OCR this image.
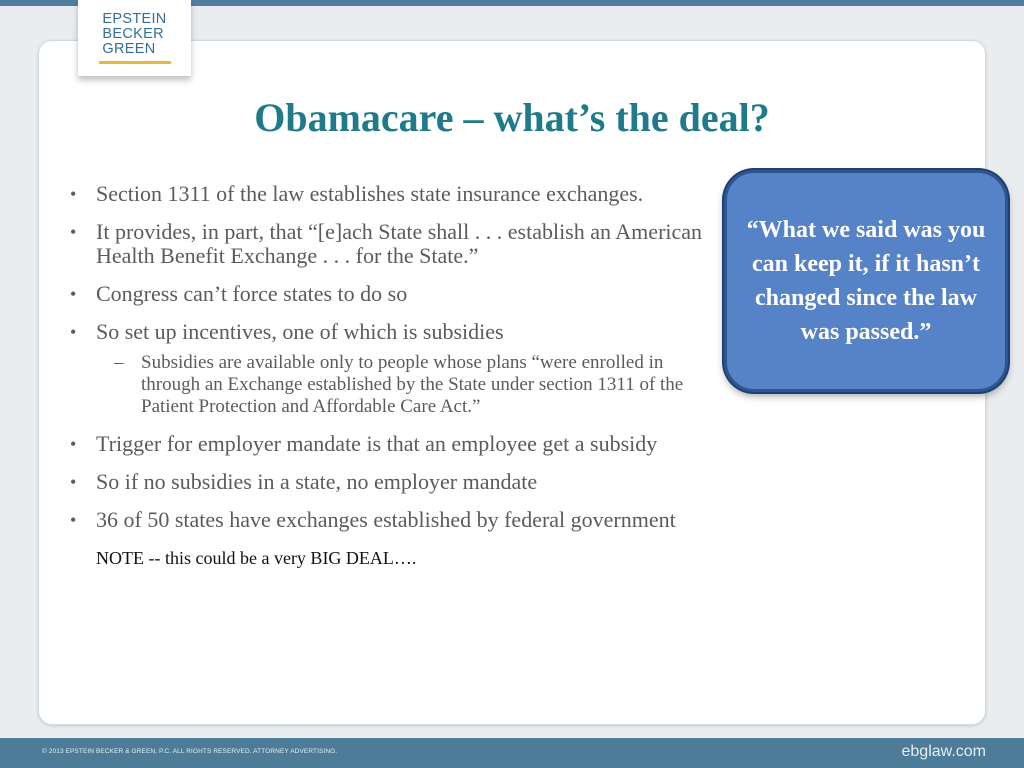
EPSTEIN
BECKER
GREEN
Obamacare – what’s the deal?
• Section 1311 of the law establishes state insurance exchanges.
• It provides, in part, that “[e]ach State shall . . . establish an American Health Benefit Exchange . . . for the State.”
• Congress can’t force states to do so
• So set up incentives, one of which is subsidies
– Subsidies are available only to people whose plans “were enrolled in through an Exchange established by the State under section 1311 of the Patient Protection and Affordable Care Act.”
• Trigger for employer mandate is that an employee get a subsidy
• So if no subsidies in a state, no employer mandate
• 36 of 50 states have exchanges established by federal government
NOTE -- this could be a very BIG DEAL….
“What we said was you can keep it, if it hasn’t changed since the law was passed.”
© 2013 EPSTEIN BECKER & GREEN, P.C. ALL RIGHTS RESERVED. ATTORNEY ADVERTISING.	ebglaw.com
